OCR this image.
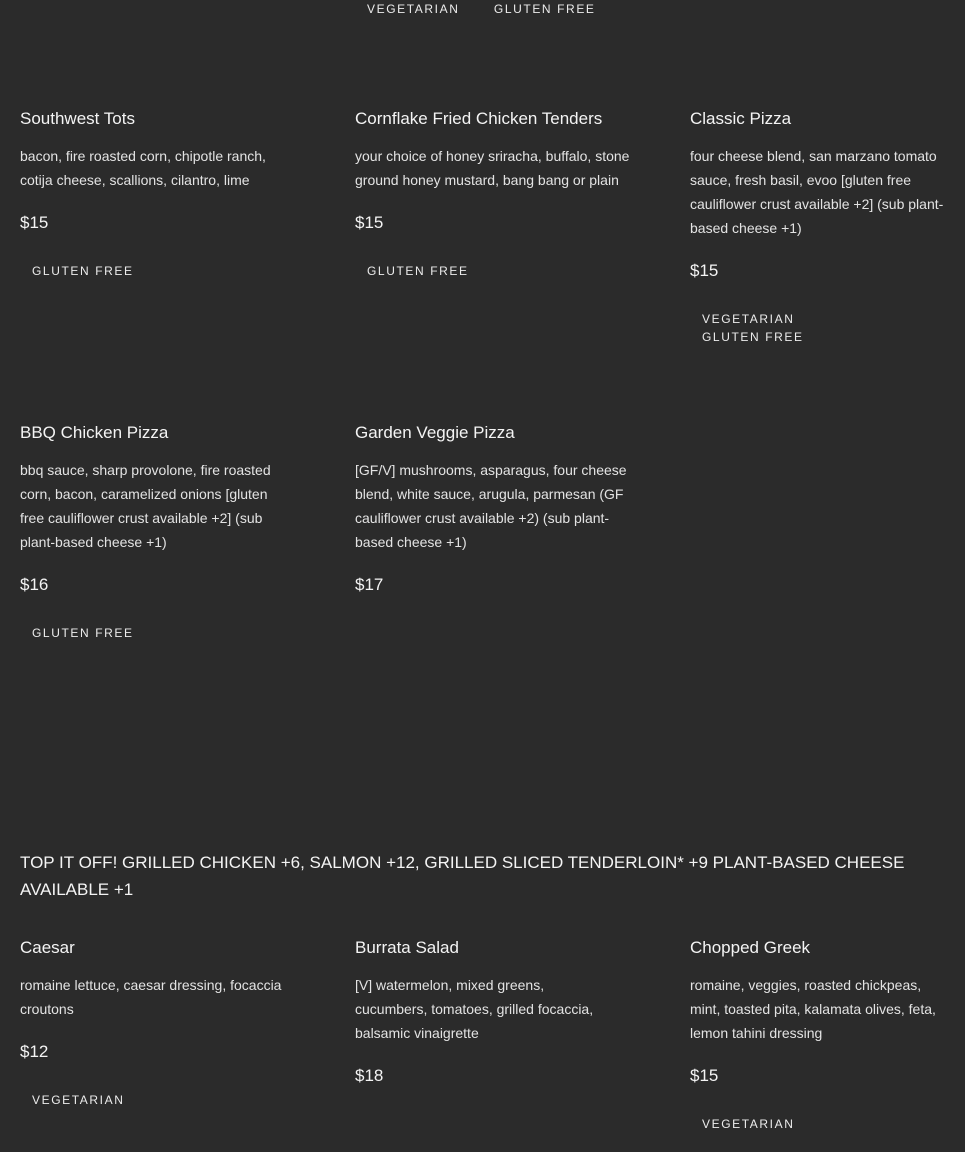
VEGETARIAN	GLUTEN FREE
Southwest Tots
bacon, fire roasted corn, chipotle ranch, cotija cheese, scallions, cilantro, lime
$15
GLUTEN FREE
Cornflake Fried Chicken Tenders
your choice of honey sriracha, buffalo, stone ground honey mustard, bang bang or plain
$15
GLUTEN FREE
Classic Pizza
four cheese blend, san marzano tomato sauce, fresh basil, evoo [gluten free cauliflower crust available +2] (sub plant-based cheese +1)
$15
VEGETARIAN GLUTEN FREE
BBQ Chicken Pizza
bbq sauce, sharp provolone, fire roasted corn, bacon, caramelized onions [gluten free cauliflower crust available +2] (sub plant-based cheese +1)
$16
GLUTEN FREE
Garden Veggie Pizza
[GF/V] mushrooms, asparagus, four cheese blend, white sauce, arugula, parmesan (GF cauliflower crust available +2) (sub plant-based cheese +1)
$17
TOP IT OFF! GRILLED CHICKEN +6, SALMON +12, GRILLED SLICED TENDERLOIN* +9 PLANT-BASED CHEESE AVAILABLE +1
Caesar
romaine lettuce, caesar dressing, focaccia croutons
$12
VEGETARIAN
Burrata Salad
[V] watermelon, mixed greens, cucumbers, tomatoes, grilled focaccia, balsamic vinaigrette
$18
Chopped Greek
romaine, veggies, roasted chickpeas, mint, toasted pita, kalamata olives, feta, lemon tahini dressing
$15
VEGETARIAN
